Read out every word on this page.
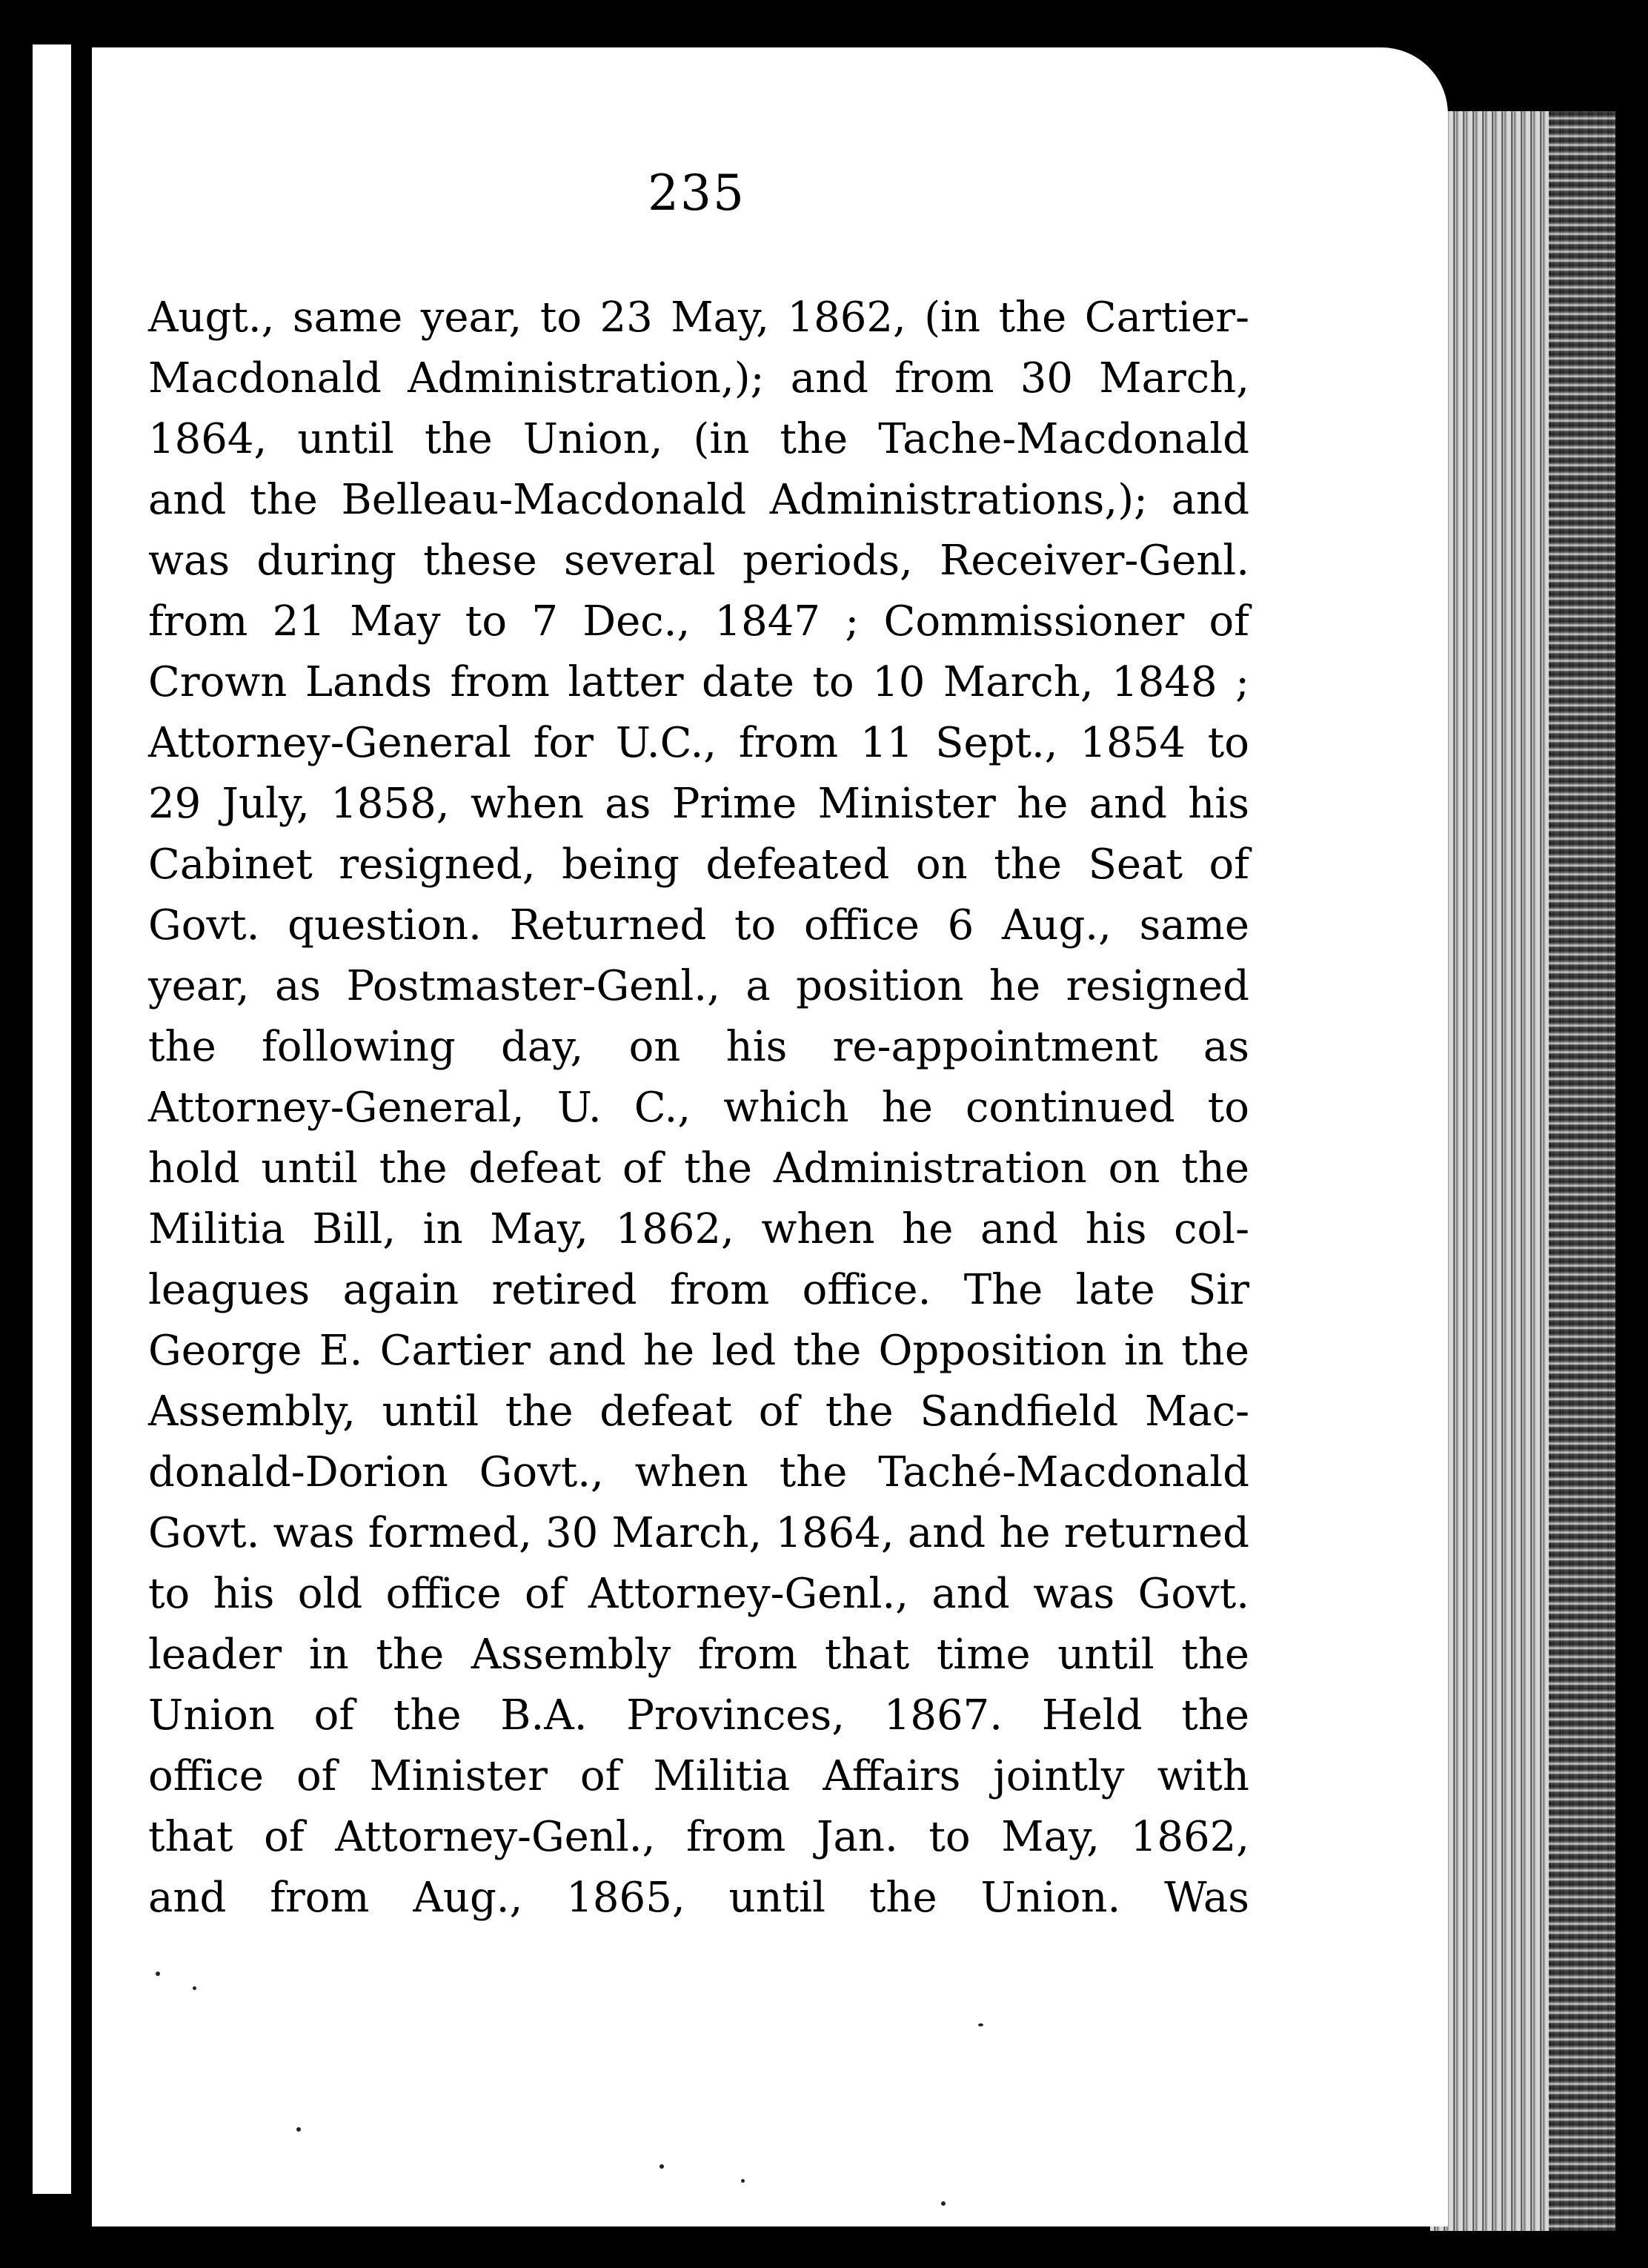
235
Augt., same year, to 23 May, 1862, (in the Cartier-
Macdonald Administration,); and from 30 March,
1864, until the Union, (in the Tache-Macdonald
and the Belleau-Macdonald Administrations,); and
was during these several periods, Receiver-Genl.
from 21 May to 7 Dec., 1847 ; Commissioner of
Crown Lands from latter date to 10 March, 1848 ;
Attorney-General for U.C., from 11 Sept., 1854 to
29 July, 1858, when as Prime Minister he and his
Cabinet resigned, being defeated on the Seat of
Govt. question. Returned to office 6 Aug., same
year, as Postmaster-Genl., a position he resigned
the following day, on his re-appointment as
Attorney-General, U. C., which he continued to
hold until the defeat of the Administration on the
Militia Bill, in May, 1862, when he and his col-
leagues again retired from office. The late Sir
George E. Cartier and he led the Opposition in the
Assembly, until the defeat of the Sandfield Mac-
donald-Dorion Govt., when the Taché-Macdonald
Govt. was formed, 30 March, 1864, and he returned
to his old office of Attorney-Genl., and was Govt.
leader in the Assembly from that time until the
Union of the B.A. Provinces, 1867. Held the
office of Minister of Militia Affairs jointly with
that of Attorney-Genl., from Jan. to May, 1862,
and from Aug., 1865, until the Union. Was
